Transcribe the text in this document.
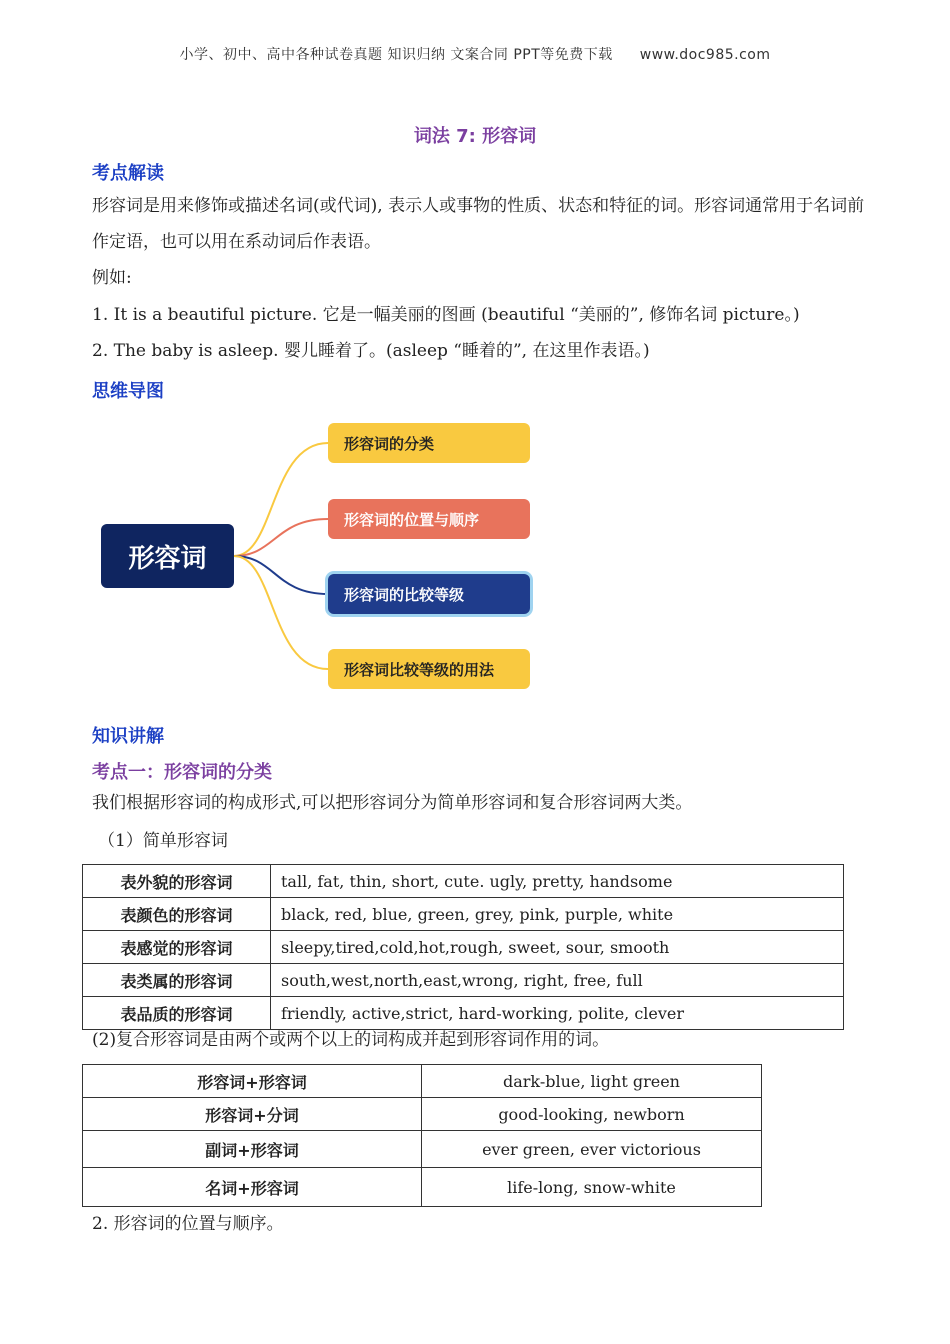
小学、初中、高中各种试卷真题 知识归纳 文案合同 PPT等免费下载 www.doc985.com
词法 7: 形容词
考点解读
形容词是用来修饰或描述名词(或代词), 表示人或事物的性质、状态和特征的词。形容词通常用于名词前作定语，也可以用在系动词后作表语。
例如:
1. It is a beautiful picture. 它是一幅美丽的图画 (beautiful “美丽的”, 修饰名词 picture。)
2. The baby is asleep. 婴儿睡着了。(asleep “睡着的”, 在这里作表语。)
思维导图
形容词
形容词的分类
形容词的位置与顺序
形容词的比较等级
形容词比较等级的用法
知识讲解
考点一：形容词的分类
我们根据形容词的构成形式,可以把形容词分为简单形容词和复合形容词两大类。
（1）简单形容词
表外貌的形容词	tall, fat, thin, short, cute. ugly, pretty, handsome
表颜色的形容词	black, red, blue, green, grey, pink, purple, white
表感觉的形容词	sleepy,tired,cold,hot,rough, sweet, sour, smooth
表类属的形容词	south,west,north,east,wrong, right, free, full
表品质的形容词	friendly, active,strict, hard-working, polite, clever
(2)复合形容词是由两个或两个以上的词构成并起到形容词作用的词。
形容词+形容词	dark-blue, light green
形容词+分词	good-looking, newborn
副词+形容词	ever green, ever victorious
名词+形容词	life-long, snow-white
2. 形容词的位置与顺序。
